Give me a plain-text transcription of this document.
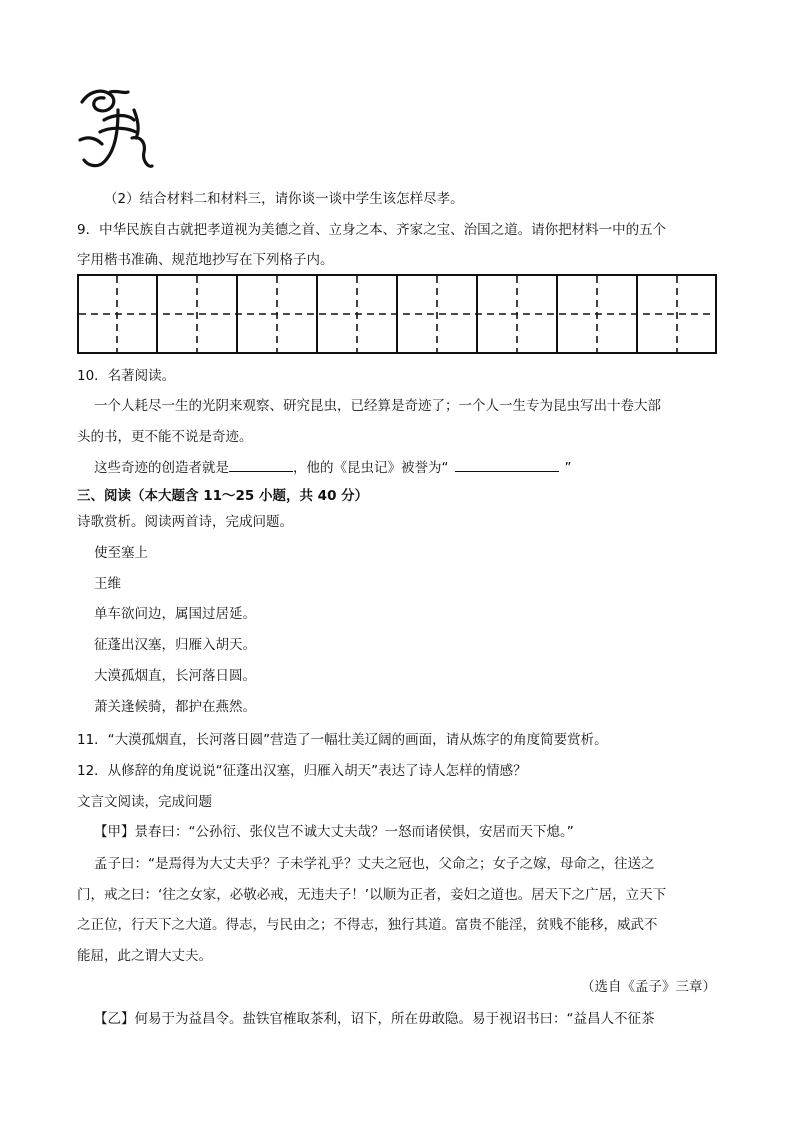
（2）结合材料二和材料三，请你谈一谈中学生该怎样尽孝。
9．中华民族自古就把孝道视为美德之首、立身之本、齐家之宝、治国之道。请你把材料一中的五个
字用楷书准确、规范地抄写在下列格子内。
10．名著阅读。
一个人耗尽一生的光阴来观察、研究昆虫，已经算是奇迹了；一个人一生专为昆虫写出十卷大部
头的书，更不能不说是奇迹。
这些奇迹的创造者就是	，他的《昆虫记》被誉为“	”
三、阅读（本大题含 11～25 小题，共 40 分）
诗歌赏析。阅读两首诗，完成问题。
使至塞上
王维
单车欲问边，属国过居延。
征蓬出汉塞，归雁入胡天。
大漠孤烟直，长河落日圆。
萧关逢候骑，都护在燕然。
11．“大漠孤烟直，长河落日圆”营造了一幅壮美辽阔的画面，请从炼字的角度简要赏析。
12．从修辞的角度说说“征蓬出汉塞，归雁入胡天”表达了诗人怎样的情感？
文言文阅读，完成问题
【甲】景春曰：“公孙衍、张仪岂不诚大丈夫哉？一怒而诸侯惧，安居而天下熄。”
孟子曰：“是焉得为大丈夫乎？子未学礼乎？丈夫之冠也，父命之；女子之嫁，母命之，往送之
门，戒之曰：‘往之女家，必敬必戒，无违夫子！’以顺为正者，妾妇之道也。居天下之广居，立天下
之正位，行天下之大道。得志，与民由之；不得志，独行其道。富贵不能淫，贫贱不能移，威武不
能屈，此之谓大丈夫。
（选自《孟子》三章）
【乙】何易于为益昌令。盐铁官榷取茶利，诏下，所在毋敢隐。易于视诏书曰：“益昌人不征茶
